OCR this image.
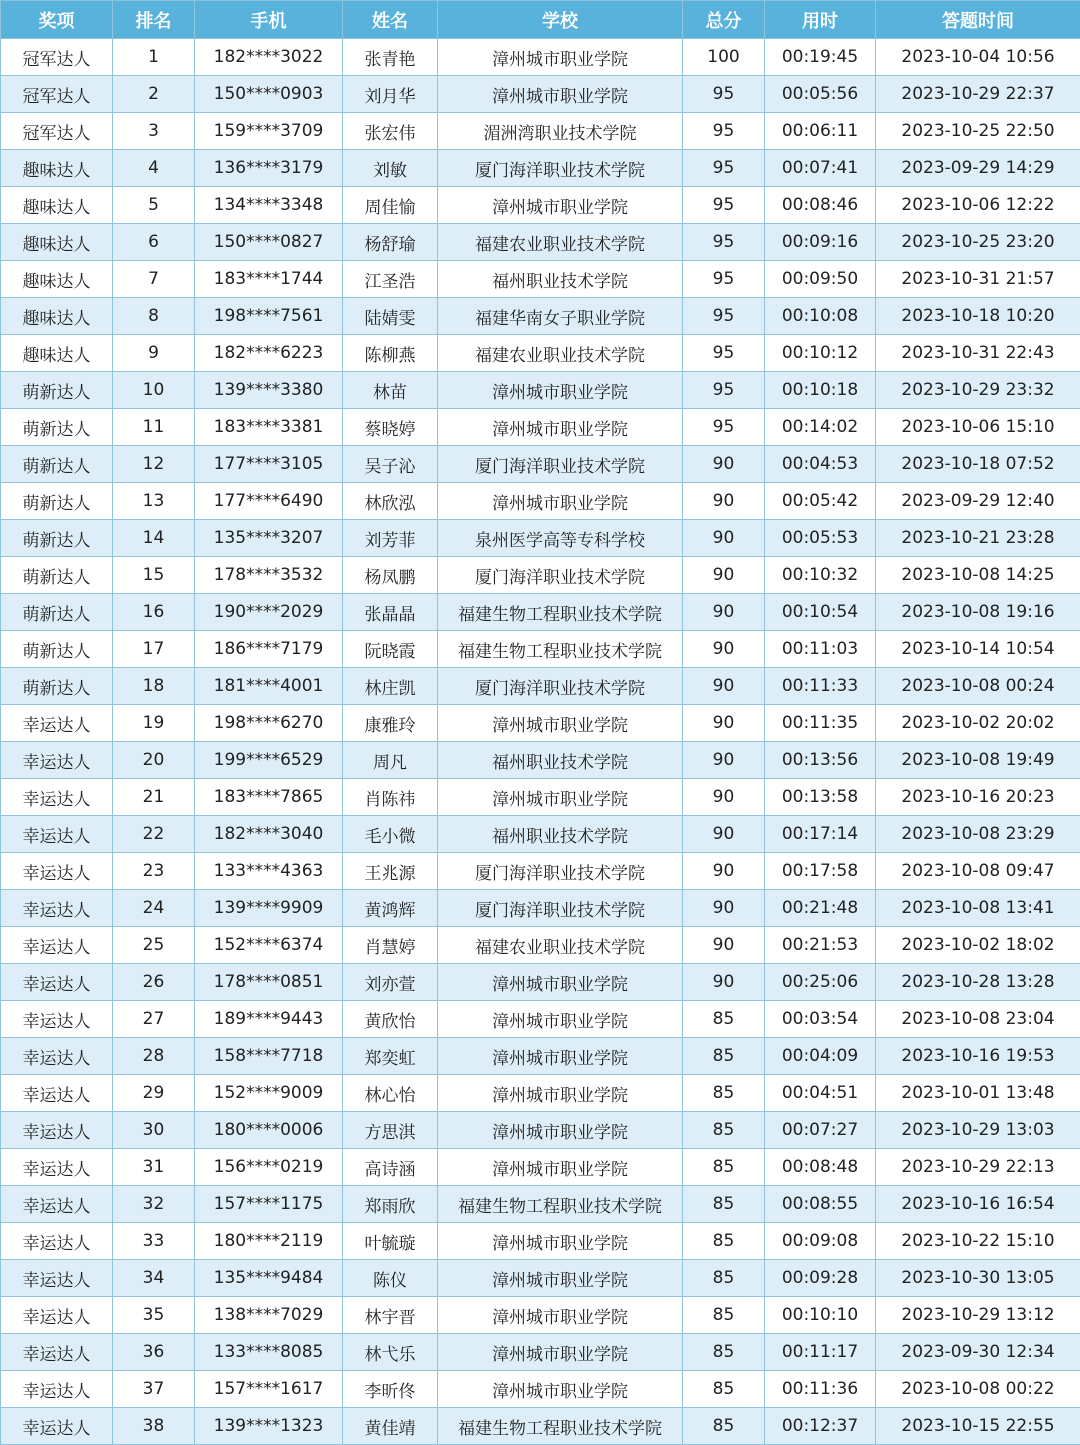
奖项	排名	手机	姓名	学校	总分	用时	答题时间
冠军达人	1	182****3022	张青艳	漳州城市职业学院	100	00:19:45	2023-10-04 10:56
冠军达人	2	150****0903	刘月华	漳州城市职业学院	95	00:05:56	2023-10-29 22:37
冠军达人	3	159****3709	张宏伟	湄洲湾职业技术学院	95	00:06:11	2023-10-25 22:50
趣味达人	4	136****3179	刘敏	厦门海洋职业技术学院	95	00:07:41	2023-09-29 14:29
趣味达人	5	134****3348	周佳愉	漳州城市职业学院	95	00:08:46	2023-10-06 12:22
趣味达人	6	150****0827	杨舒瑜	福建农业职业技术学院	95	00:09:16	2023-10-25 23:20
趣味达人	7	183****1744	江圣浩	福州职业技术学院	95	00:09:50	2023-10-31 21:57
趣味达人	8	198****7561	陆婧雯	福建华南女子职业学院	95	00:10:08	2023-10-18 10:20
趣味达人	9	182****6223	陈柳燕	福建农业职业技术学院	95	00:10:12	2023-10-31 22:43
萌新达人	10	139****3380	林苗	漳州城市职业学院	95	00:10:18	2023-10-29 23:32
萌新达人	11	183****3381	蔡晓婷	漳州城市职业学院	95	00:14:02	2023-10-06 15:10
萌新达人	12	177****3105	吴子沁	厦门海洋职业技术学院	90	00:04:53	2023-10-18 07:52
萌新达人	13	177****6490	林欣泓	漳州城市职业学院	90	00:05:42	2023-09-29 12:40
萌新达人	14	135****3207	刘芳菲	泉州医学高等专科学校	90	00:05:53	2023-10-21 23:28
萌新达人	15	178****3532	杨凤鹏	厦门海洋职业技术学院	90	00:10:32	2023-10-08 14:25
萌新达人	16	190****2029	张晶晶	福建生物工程职业技术学院	90	00:10:54	2023-10-08 19:16
萌新达人	17	186****7179	阮晓霞	福建生物工程职业技术学院	90	00:11:03	2023-10-14 10:54
萌新达人	18	181****4001	林庄凯	厦门海洋职业技术学院	90	00:11:33	2023-10-08 00:24
幸运达人	19	198****6270	康雅玲	漳州城市职业学院	90	00:11:35	2023-10-02 20:02
幸运达人	20	199****6529	周凡	福州职业技术学院	90	00:13:56	2023-10-08 19:49
幸运达人	21	183****7865	肖陈祎	漳州城市职业学院	90	00:13:58	2023-10-16 20:23
幸运达人	22	182****3040	毛小微	福州职业技术学院	90	00:17:14	2023-10-08 23:29
幸运达人	23	133****4363	王兆源	厦门海洋职业技术学院	90	00:17:58	2023-10-08 09:47
幸运达人	24	139****9909	黄鸿辉	厦门海洋职业技术学院	90	00:21:48	2023-10-08 13:41
幸运达人	25	152****6374	肖慧婷	福建农业职业技术学院	90	00:21:53	2023-10-02 18:02
幸运达人	26	178****0851	刘亦萱	漳州城市职业学院	90	00:25:06	2023-10-28 13:28
幸运达人	27	189****9443	黄欣怡	漳州城市职业学院	85	00:03:54	2023-10-08 23:04
幸运达人	28	158****7718	郑奕虹	漳州城市职业学院	85	00:04:09	2023-10-16 19:53
幸运达人	29	152****9009	林心怡	漳州城市职业学院	85	00:04:51	2023-10-01 13:48
幸运达人	30	180****0006	方思淇	漳州城市职业学院	85	00:07:27	2023-10-29 13:03
幸运达人	31	156****0219	高诗涵	漳州城市职业学院	85	00:08:48	2023-10-29 22:13
幸运达人	32	157****1175	郑雨欣	福建生物工程职业技术学院	85	00:08:55	2023-10-16 16:54
幸运达人	33	180****2119	叶毓璇	漳州城市职业学院	85	00:09:08	2023-10-22 15:10
幸运达人	34	135****9484	陈仪	漳州城市职业学院	85	00:09:28	2023-10-30 13:05
幸运达人	35	138****7029	林宇晋	漳州城市职业学院	85	00:10:10	2023-10-29 13:12
幸运达人	36	133****8085	林弋乐	漳州城市职业学院	85	00:11:17	2023-09-30 12:34
幸运达人	37	157****1617	李昕佟	漳州城市职业学院	85	00:11:36	2023-10-08 00:22
幸运达人	38	139****1323	黄佳靖	福建生物工程职业技术学院	85	00:12:37	2023-10-15 22:55
